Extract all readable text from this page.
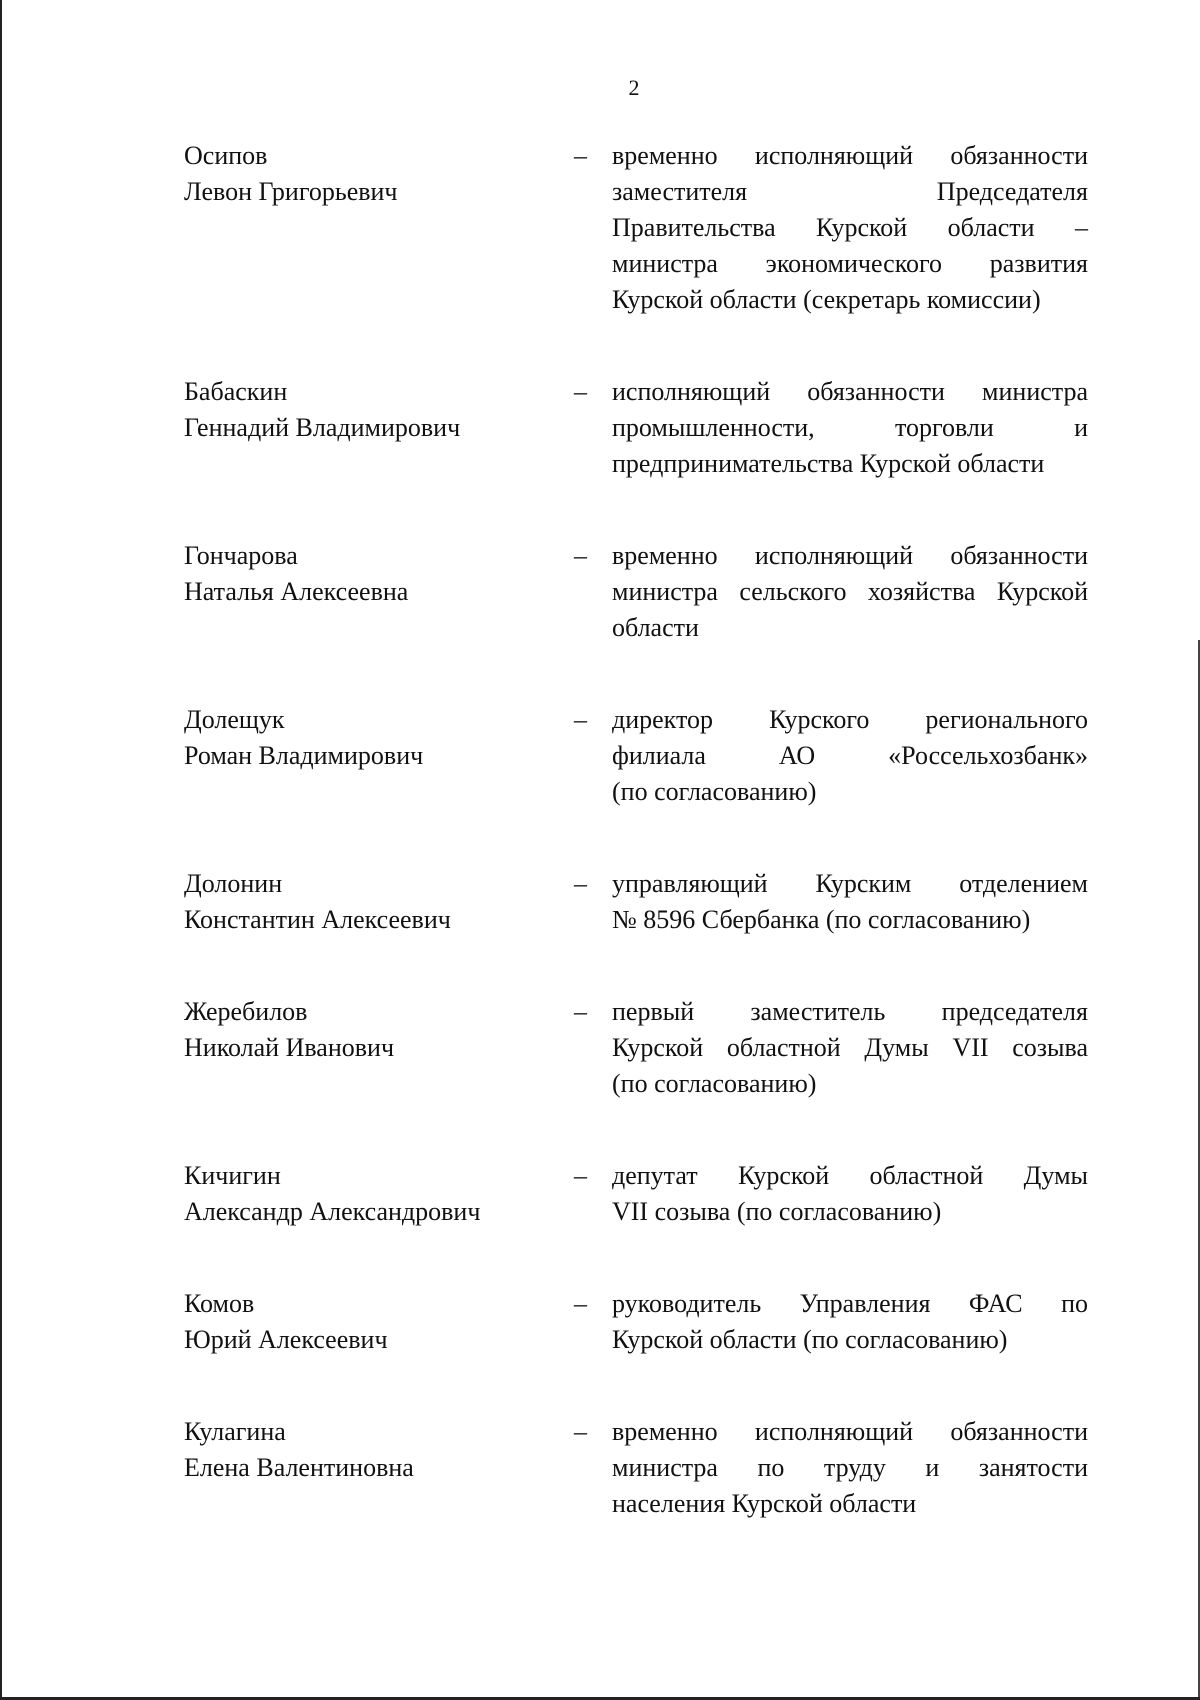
2
Осипов
Левон Григорьевич
– временно исполняющий обязанности
заместителя Председателя
Правительства Курской области –
министра экономического развития
Курской области (секретарь комиссии)
Бабаскин
Геннадий Владимирович
– исполняющий обязанности министра
промышленности, торговли и
предпринимательства Курской области
Гончарова
Наталья Алексеевна
– временно исполняющий обязанности
министра сельского хозяйства Курской
области
Долещук
Роман Владимирович
– директор Курского регионального
филиала АО «Россельхозбанк»
(по согласованию)
Долонин
Константин Алексеевич
– управляющий Курским отделением
№ 8596 Сбербанка (по согласованию)
Жеребилов
Николай Иванович
– первый заместитель председателя
Курской областной Думы VII созыва
(по согласованию)
Кичигин
Александр Александрович
– депутат Курской областной Думы
VII созыва (по согласованию)
Комов
Юрий Алексеевич
– руководитель Управления ФАС по
Курской области (по согласованию)
Кулагина
Елена Валентиновна
– временно исполняющий обязанности
министра по труду и занятости
населения Курской области
